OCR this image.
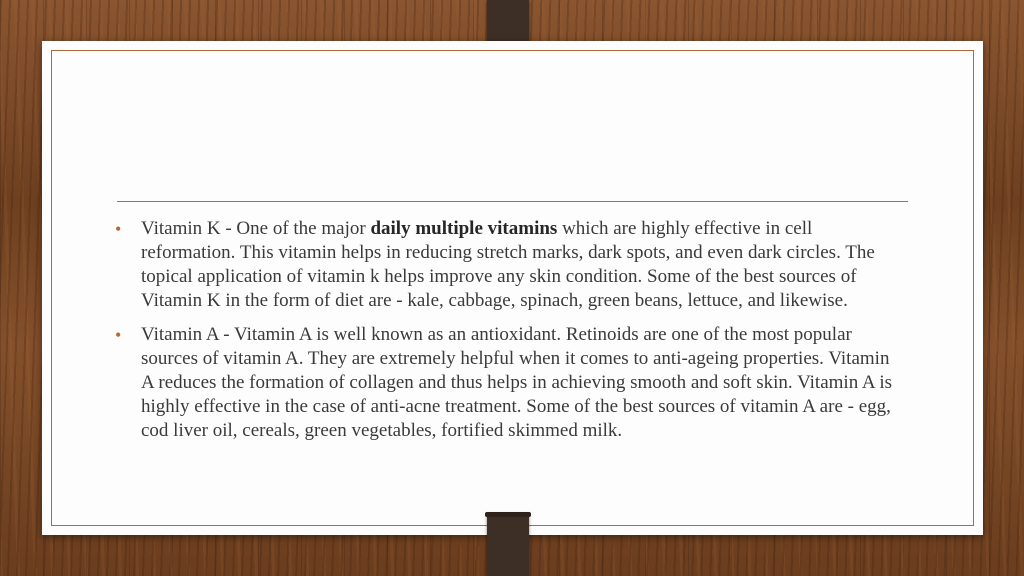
• Vitamin K - One of the major daily multiple vitamins which are highly effective in cell reformation. This vitamin helps in reducing stretch marks, dark spots, and even dark circles. The topical application of vitamin k helps improve any skin condition. Some of the best sources of Vitamin K in the form of diet are - kale, cabbage, spinach, green beans, lettuce, and likewise.
• Vitamin A - Vitamin A is well known as an antioxidant. Retinoids are one of the most popular sources of vitamin A. They are extremely helpful when it comes to anti-ageing properties. Vitamin A reduces the formation of collagen and thus helps in achieving smooth and soft skin. Vitamin A is highly effective in the case of anti-acne treatment. Some of the best sources of vitamin A are - egg, cod liver oil, cereals, green vegetables, fortified skimmed milk.
